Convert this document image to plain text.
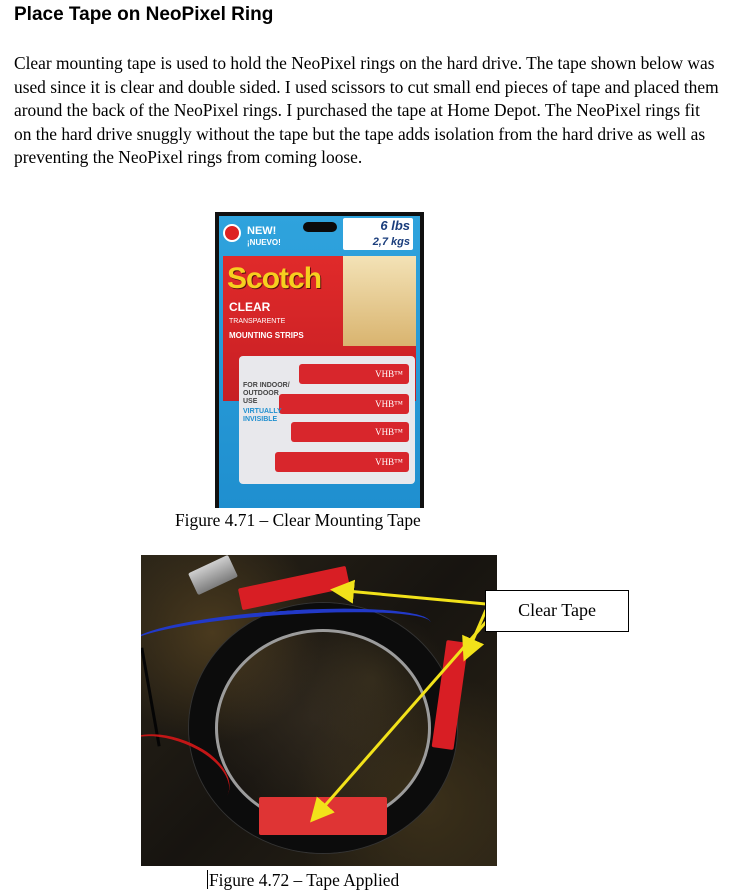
Place Tape on NeoPixel Ring

Clear mounting tape is used to hold the NeoPixel rings on the hard drive. The tape shown below was used since it is clear and double sided. I used scissors to cut small end pieces of tape and placed them around the back of the NeoPixel rings. I purchased the tape at Home Depot. The NeoPixel rings fit on the hard drive snuggly without the tape but the tape adds isolation from the hard drive as well as preventing the NeoPixel rings from coming loose.

NEW!
¡NUEVO!
6 lbs
2,7 kgs
Scotch
CLEAR
TRANSPARENTE
MOUNTING STRIPS
VHB™
VHB™
VHB™
VHB™
FOR INDOOR/ OUTDOOR USE
VIRTUALLY INVISIBLE

Figure 4.71 – Clear Mounting Tape

Clear Tape

Figure 4.72 – Tape Applied
